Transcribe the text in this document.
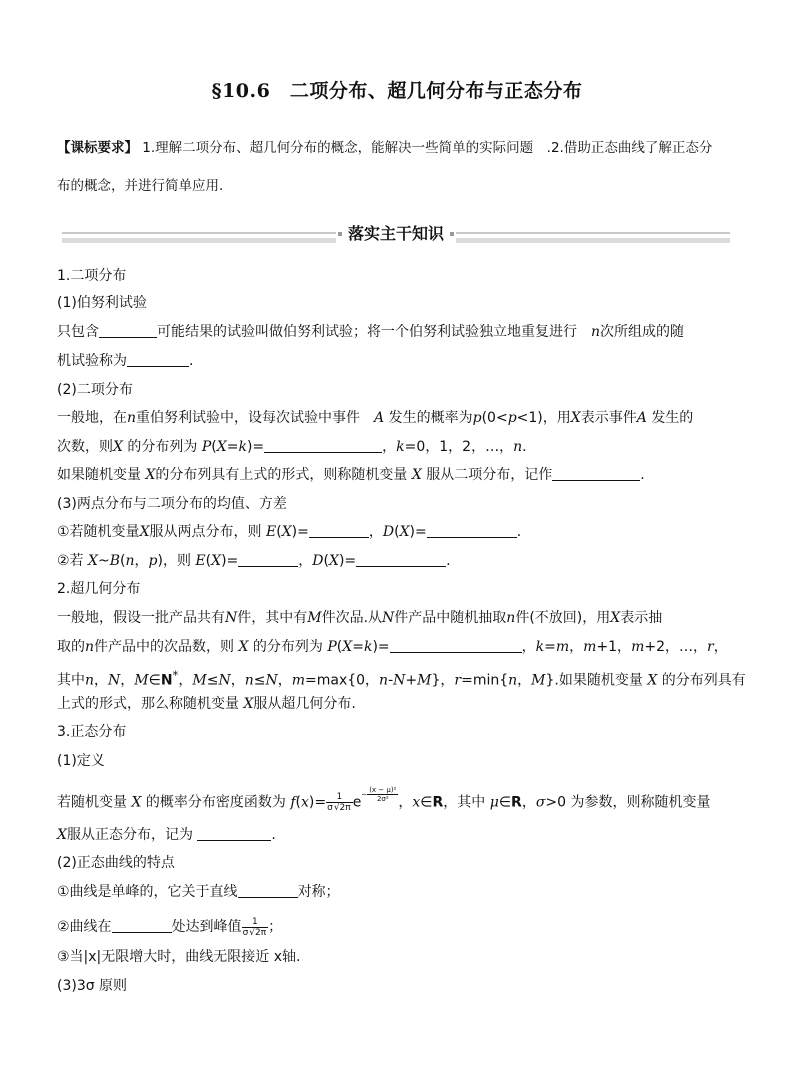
§10.6　二项分布、超几何分布与正态分布
【课标要求】 1.理解二项分布、超几何分布的概念，能解决一些简单的实际问题　.2.借助正态曲线了解正态分
布的概念，并进行简单应用.
落实主干知识
1.二项分布
(1)伯努利试验
只包含	可能结果的试验叫做伯努利试验；将一个伯努利试验独立地重复进行　n次所组成的随
机试验称为	.
(2)二项分布
一般地，在n重伯努利试验中，设每次试验中事件　A 发生的概率为p(0<p<1)，用X表示事件A 发生的
次数，则X 的分布列为 P(X=k)=	，k=0，1，2，…，n.
如果随机变量 X的分布列具有上式的形式，则称随机变量 X 服从二项分布，记作	.
(3)两点分布与二项分布的均值、方差
①若随机变量X服从两点分布，则 E(X)=	，D(X)=	.
②若 X~B(n，p)，则 E(X)=	，D(X)=	.
2.超几何分布
一般地，假设一批产品共有N件，其中有M件次品.从N件产品中随机抽取n件(不放回)，用X表示抽
取的n件产品中的次品数，则 X 的分布列为 P(X=k)=	，k=m，m+1，m+2，…，r，
其中n，N，M∈N*，M≤N，n≤N，m=max{0，n-N+M}，r=min{n，M}.如果随机变量 X 的分布列具有
上式的形式，那么称随机变量 X服从超几何分布.
3.正态分布
(1)定义
若随机变量 X 的概率分布密度函数为 $f(x)= \frac{1}{\sigma√2\pi} e- \frac{\text{(x − μ)²}}{\text{2σ²}}$ ，x∈R，其中 μ∈R，σ>0 为参数，则称随机变量
X服从正态分布，记为	.
(2)正态曲线的特点
①曲线是单峰的，它关于直线	对称；
②曲线在	处达到峰值 $\frac{1}{\sigma√2\pi}$ ；
③当|x|无限增大时，曲线无限接近 x轴.
(3)3σ 原则
